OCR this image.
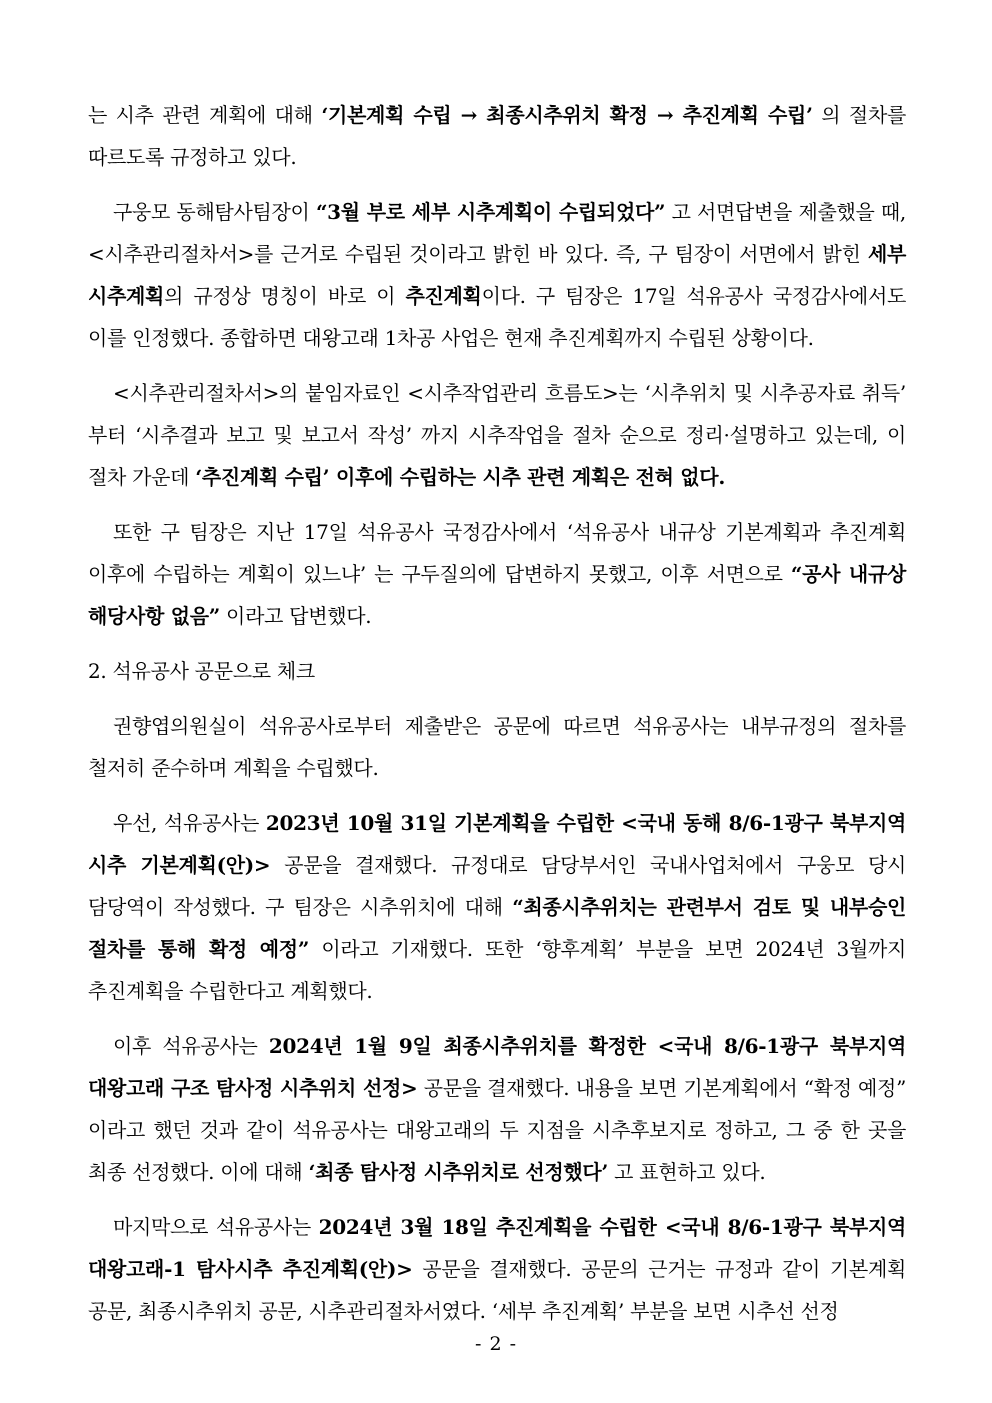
는 시추 관련 계획에 대해 ‘기본계획 수립 → 최종시추위치 확정 → 추진계획 수립’ 의 절차를 따르도록 규정하고 있다.

구웅모 동해탐사팀장이 “3월 부로 세부 시추계획이 수립되었다” 고 서면답변을 제출했을 때, <시추관리절차서>를 근거로 수립된 것이라고 밝힌 바 있다. 즉, 구 팀장이 서면에서 밝힌 세부 시추계획의 규정상 명칭이 바로 이 추진계획이다. 구 팀장은 17일 석유공사 국정감사에서도 이를 인정했다. 종합하면 대왕고래 1차공 사업은 현재 추진계획까지 수립된 상황이다.

<시추관리절차서>의 붙임자료인 <시추작업관리 흐름도>는 ‘시추위치 및 시추공자료 취득’ 부터 ‘시추결과 보고 및 보고서 작성’ 까지 시추작업을 절차 순으로 정리·설명하고 있는데, 이 절차 가운데 ‘추진계획 수립’ 이후에 수립하는 시추 관련 계획은 전혀 없다.

또한 구 팀장은 지난 17일 석유공사 국정감사에서 ‘석유공사 내규상 기본계획과 추진계획 이후에 수립하는 계획이 있느냐’ 는 구두질의에 답변하지 못했고, 이후 서면으로 “공사 내규상 해당사항 없음” 이라고 답변했다.

2. 석유공사 공문으로 체크

권향엽의원실이 석유공사로부터 제출받은 공문에 따르면 석유공사는 내부규정의 절차를 철저히 준수하며 계획을 수립했다.

우선, 석유공사는 2023년 10월 31일 기본계획을 수립한 <국내 동해 8/6-1광구 북부지역 시추 기본계획(안)> 공문을 결재했다. 규정대로 담당부서인 국내사업처에서 구웅모 당시 담당역이 작성했다. 구 팀장은 시추위치에 대해 “최종시추위치는 관련부서 검토 및 내부승인 절차를 통해 확정 예정” 이라고 기재했다. 또한 ‘향후계획’ 부분을 보면 2024년 3월까지 추진계획을 수립한다고 계획했다.

이후 석유공사는 2024년 1월 9일 최종시추위치를 확정한 <국내 8/6-1광구 북부지역 대왕고래 구조 탐사정 시추위치 선정> 공문을 결재했다. 내용을 보면 기본계획에서 “확정 예정” 이라고 했던 것과 같이 석유공사는 대왕고래의 두 지점을 시추후보지로 정하고, 그 중 한 곳을 최종 선정했다. 이에 대해 ‘최종 탐사정 시추위치로 선정했다’ 고 표현하고 있다.

마지막으로 석유공사는 2024년 3월 18일 추진계획을 수립한 <국내 8/6-1광구 북부지역 대왕고래-1 탐사시추 추진계획(안)> 공문을 결재했다. 공문의 근거는 규정과 같이 기본계획 공문, 최종시추위치 공문, 시추관리절차서였다. ‘세부 추진계획’ 부분을 보면 시추선 선정

- 2 -
